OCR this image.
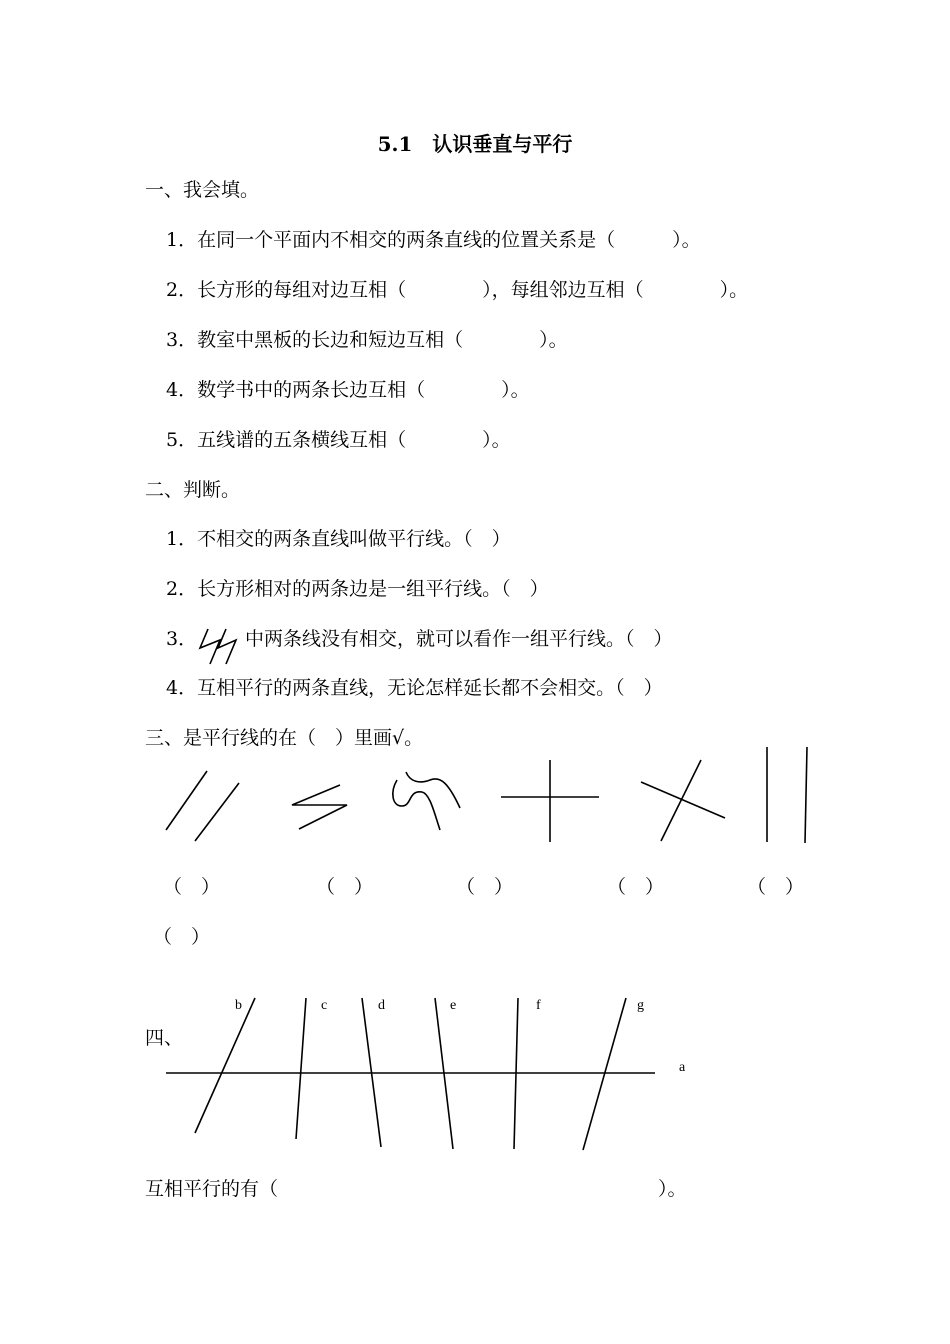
5.1　认识垂直与平行
一、我会填。
1．在同一个平面内不相交的两条直线的位置关系是（　　　）。
2．长方形的每组对边互相（　　　　），每组邻边互相（　　　　）。
3．教室中黑板的长边和短边互相（　　　　）。
4．数学书中的两条长边互相（　　　　）。
5．五线谱的五条横线互相（　　　　）。
二、判断。
1．不相交的两条直线叫做平行线。（　）
2．长方形相对的两条边是一组平行线。（　）
3．	中两条线没有相交，就可以看作一组平行线。（　）
4．互相平行的两条直线，无论怎样延长都不会相交。（　）
三、是平行线的在（　）里画√。
（　）	（　）	（　）	（　）	（　）
（　）
四、
a
b	c	d	e	f	g
互相平行的有（　　　　　　　　　　　　　　　　　　　　）。
